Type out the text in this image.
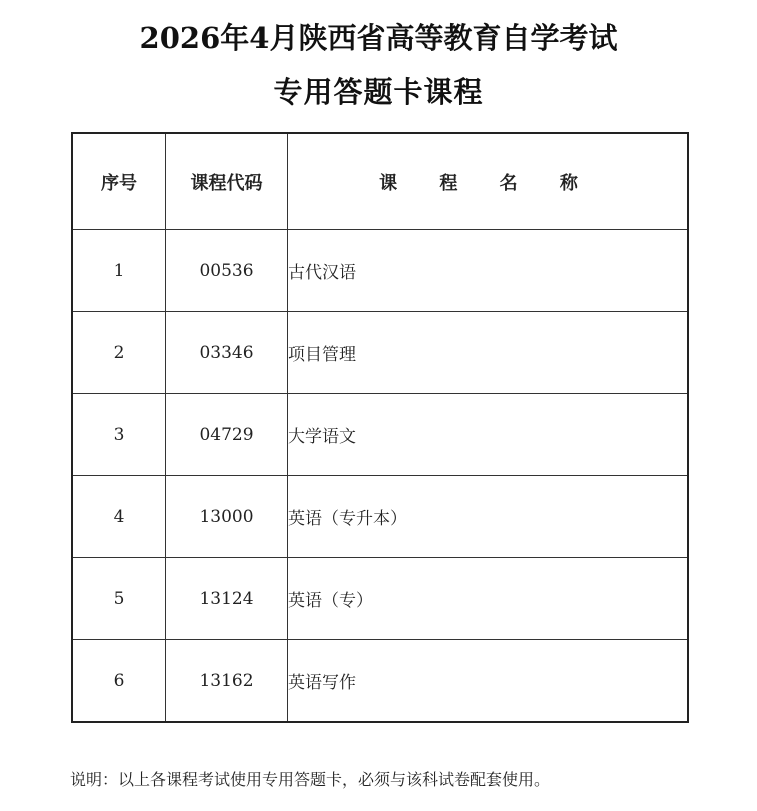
2026年4月陕西省高等教育自学考试
专用答题卡课程
序号	课程代码	课 程 名 称
1	00536	古代汉语
2	03346	项目管理
3	04729	大学语文
4	13000	英语（专升本）
5	13124	英语（专）
6	13162	英语写作
说明：以上各课程考试使用专用答题卡，必须与该科试卷配套使用。
